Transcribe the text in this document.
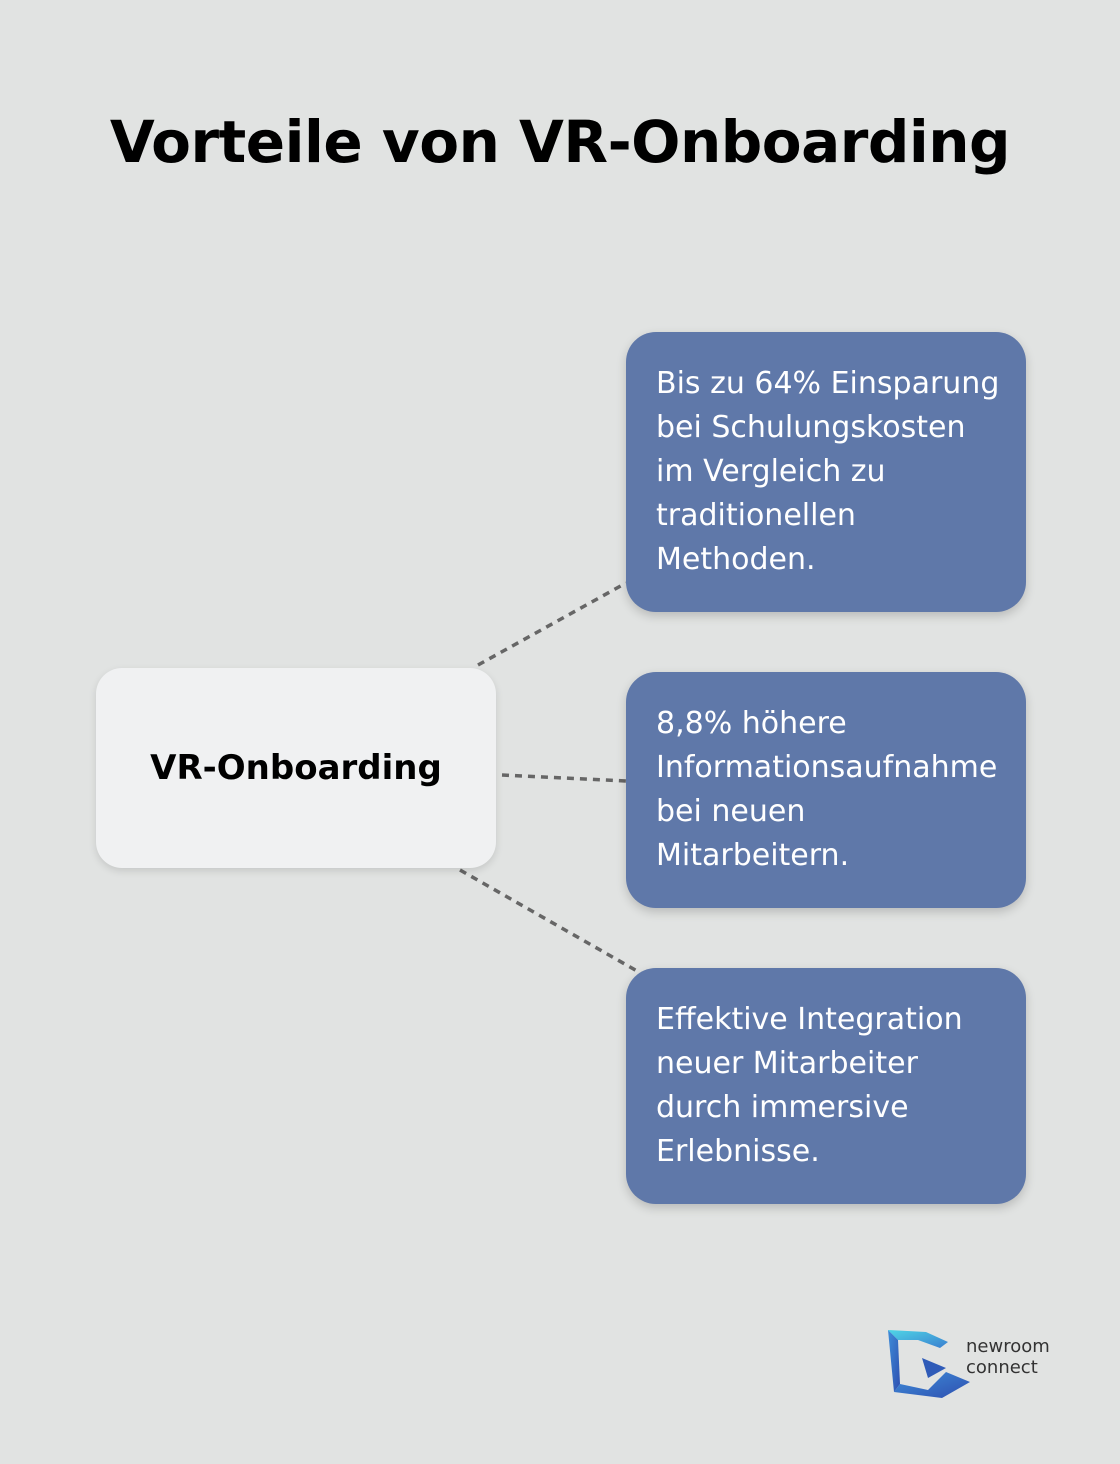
Vorteile von VR-Onboarding
VR-Onboarding
Bis zu 64% Einsparung bei Schulungskosten im Vergleich zu traditionellen Methoden.
8,8% höhere Informationsaufnahme bei neuen Mitarbeitern.
Effektive Integration neuer Mitarbeiter durch immersive Erlebnisse.
newroom
connect
